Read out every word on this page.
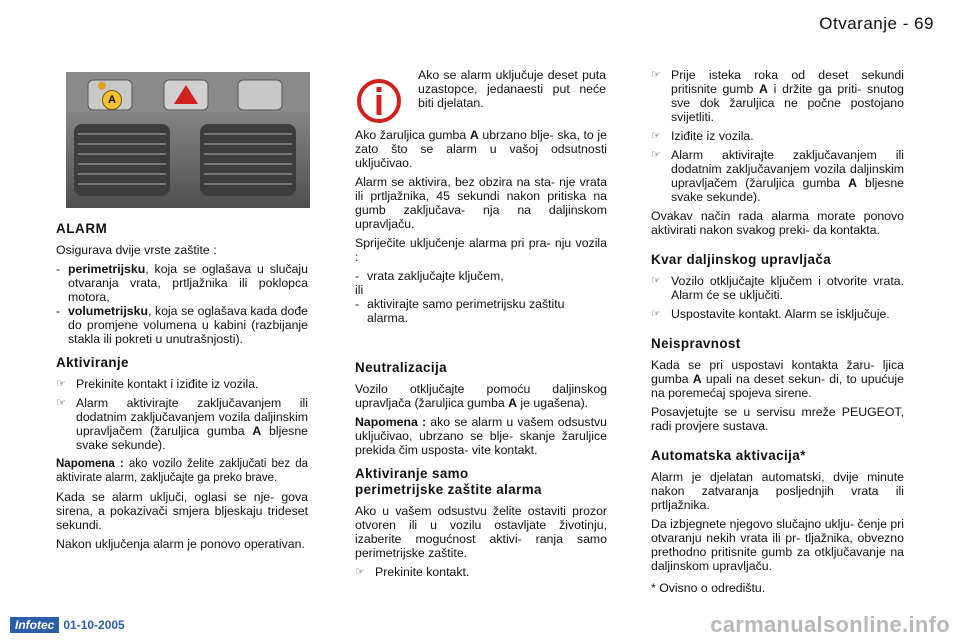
Otvaranje - 69
A
ALARM

Osigurava dvije vrste zaštite :

- perimetrijsku, koja se oglašava u slučaju otvaranja vrata, prtljažnika ili poklopca motora,
- volumetrijsku, koja se oglašava kada dođe do promjene volumena u kabini (razbijanje stakla ili pokreti u unutrašnjosti).
Aktiviranje
☞ Prekinite kontakt i iziđite iz vozila.
☞ Alarm aktivirajte zaključavanjem ili dodatnim zaključavanjem vozila daljinskim upravljačem (žaruljica gumba A bljesne svake sekunde).

Napomena : ako vozilo želite zaključati bez da aktivirate alarm, zaključajte ga preko brave.

Kada se alarm uključi, oglasi se nje- gova sirena, a pokazivači smjera bljeskaju trideset sekundi.

Nakon uključenja alarm je ponovo operativan.

Ako se alarm uključuje deset puta uzastopce, jedanaesti put neće biti djelatan.

Ako žaruljica gumba A ubrzano blje- ska, to je zato što se alarm u vašoj odsutnosti uključivao.

Alarm se aktivira, bez obzira na sta- nje vrata ili prtljažnika, 45 sekundi nakon pritiska na gumb zaključava- nja na daljinskom upravljaču.

Spriječite uključenje alarma pri pra- nju vozila :

- vrata zaključajte ključem,
ili
- aktivirajte samo perimetrijsku zaštitu alarma.
Neutralizacija

Vozilo otključajte pomoću daljinskog upravljača (žaruljica gumba A je ugašena).

Napomena : ako se alarm u vašem odsustvu uključivao, ubrzano se blje- skanje žaruljice prekida čim usposta- vite kontakt.

Aktiviranje samo
perimetrijske zaštite alarma

Ako u vašem odsustvu želite ostaviti prozor otvoren ili u vozilu ostavljate životinju, izaberite mogućnost aktivi- ranja samo perimetrijske zaštite.

☞ Prekinite kontakt.
☞ Prije isteka roka od deset sekundi pritisnite gumb A i držite ga priti- snutog sve dok žaruljica ne počne postojano svijetliti.
☞ Iziđite iz vozila.
☞ Alarm aktivirajte zaključavanjem ili dodatnim zaključavanjem vozila daljinskim upravljačem (žaruljica gumba A bljesne svake sekunde).

Ovakav način rada alarma morate ponovo aktivirati nakon svakog preki- da kontakta.

Kvar daljinskog upravljača
☞ Vozilo otključajte ključem i otvorite vrata. Alarm će se uključiti.
☞ Uspostavite kontakt. Alarm se isključuje.
Neispravnost

Kada se pri uspostavi kontakta žaru- ljica gumba A upali na deset sekun- di, to upućuje na poremećaj spojeva sirene.

Posavjetujte se u servisu mreže PEUGEOT, radi provjere sustava.

Automatska aktivacija*

Alarm je djelatan automatski, dvije minute nakon zatvaranja posljednjih vrata ili prtljažnika.

Da izbjegnete njegovo slučajno uklju- čenje pri otvaranju nekih vrata ili pr- tljažnika, obvezno prethodno pritisnite gumb za otključavanje na daljinskom upravljaču.

* Ovisno o odredištu.

Infotec 01-10-2005	carmanualsonline.info
